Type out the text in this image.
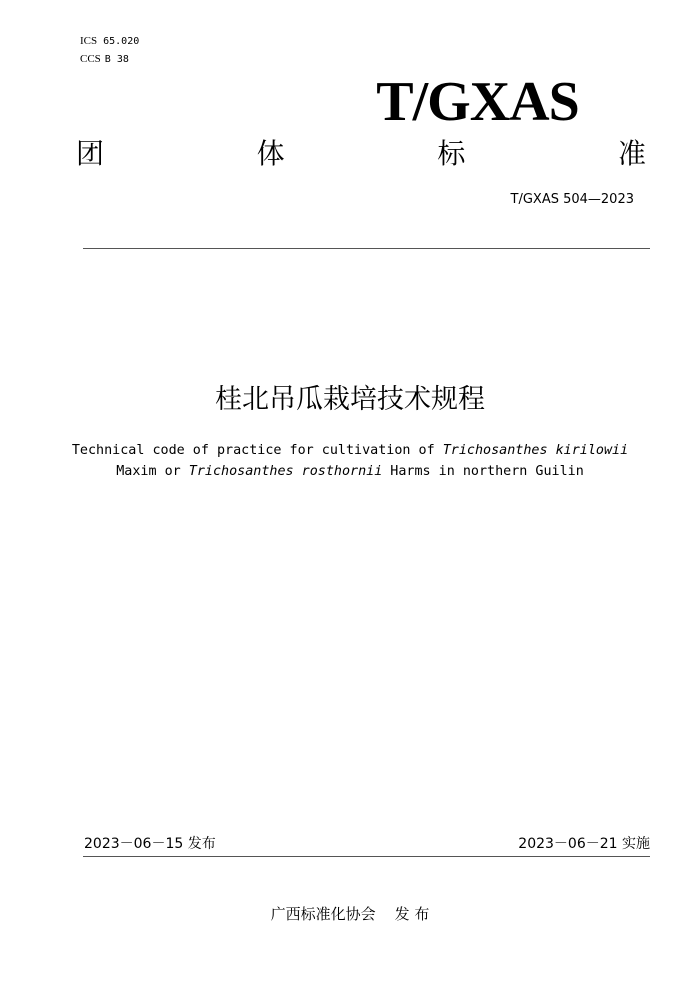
ICS 65.020
CCS B 38
T/GXAS
团	体	标	准
T/GXAS 504—2023
桂北吊瓜栽培技术规程
Technical code of practice for cultivation of Trichosanthes kirilowii
Maxim or Trichosanthes rosthornii Harms in northern Guilin
2023－06－15 发布	2023－06－21 实施
广西标准化协会    发 布
